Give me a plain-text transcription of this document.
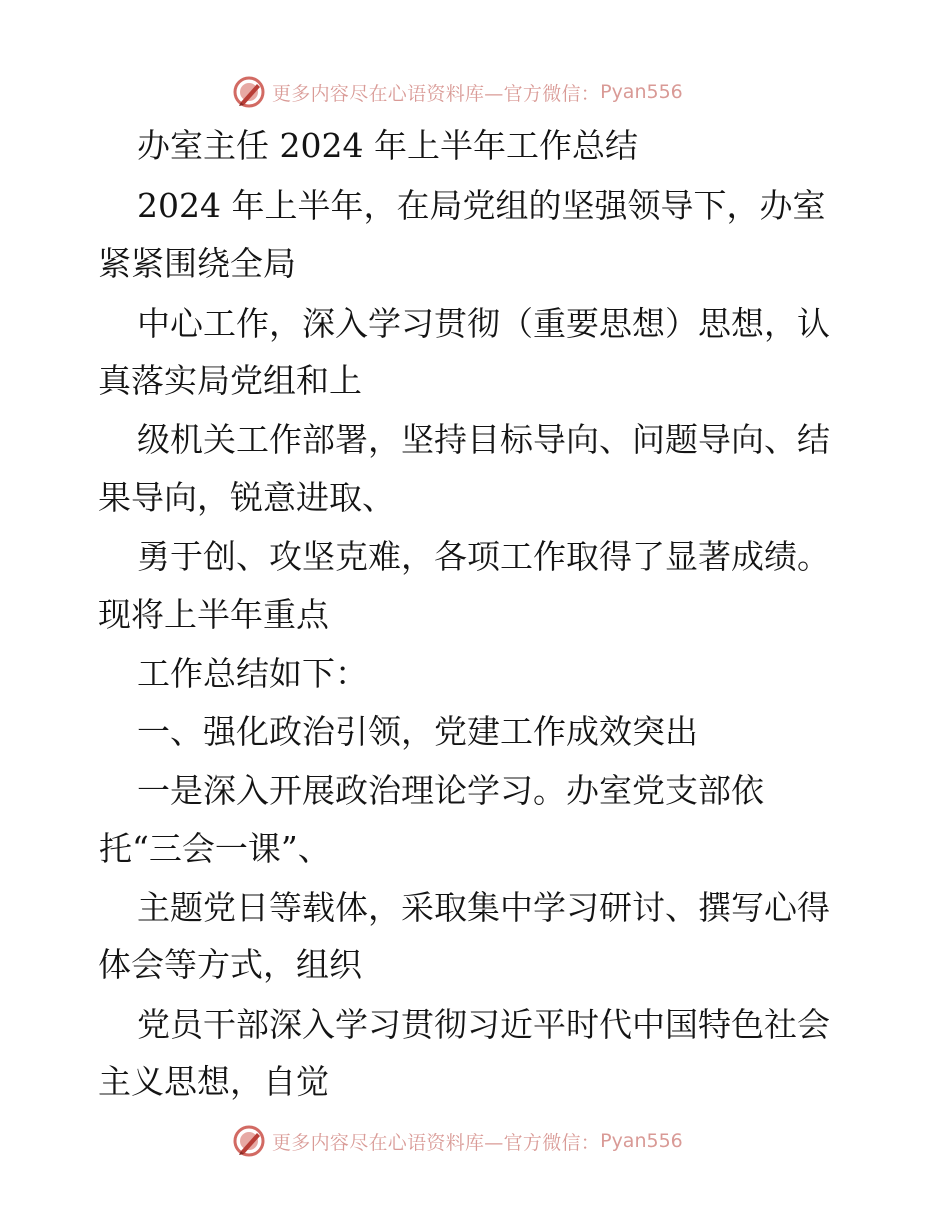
更多内容尽在心语资料库—官方微信： Pyan556
办室主任 2024 年上半年工作总结
2024 年上半年，在局党组的坚强领导下，办室
紧紧围绕全局
中心工作，深入学习贯彻（重要思想）思想，认
真落实局党组和上
级机关工作部署，坚持目标导向、问题导向、结
果导向，锐意进取、
勇于创、攻坚克难，各项工作取得了显著成绩。
现将上半年重点
工作总结如下：
一、强化政治引领，党建工作成效突出
一是深入开展政治理论学习。办室党支部依
托“三会一课”、
主题党日等载体，采取集中学习研讨、撰写心得
体会等方式，组织
党员干部深入学习贯彻习近平时代中国特色社会
主义思想，自觉
更多内容尽在心语资料库—官方微信： Pyan556
